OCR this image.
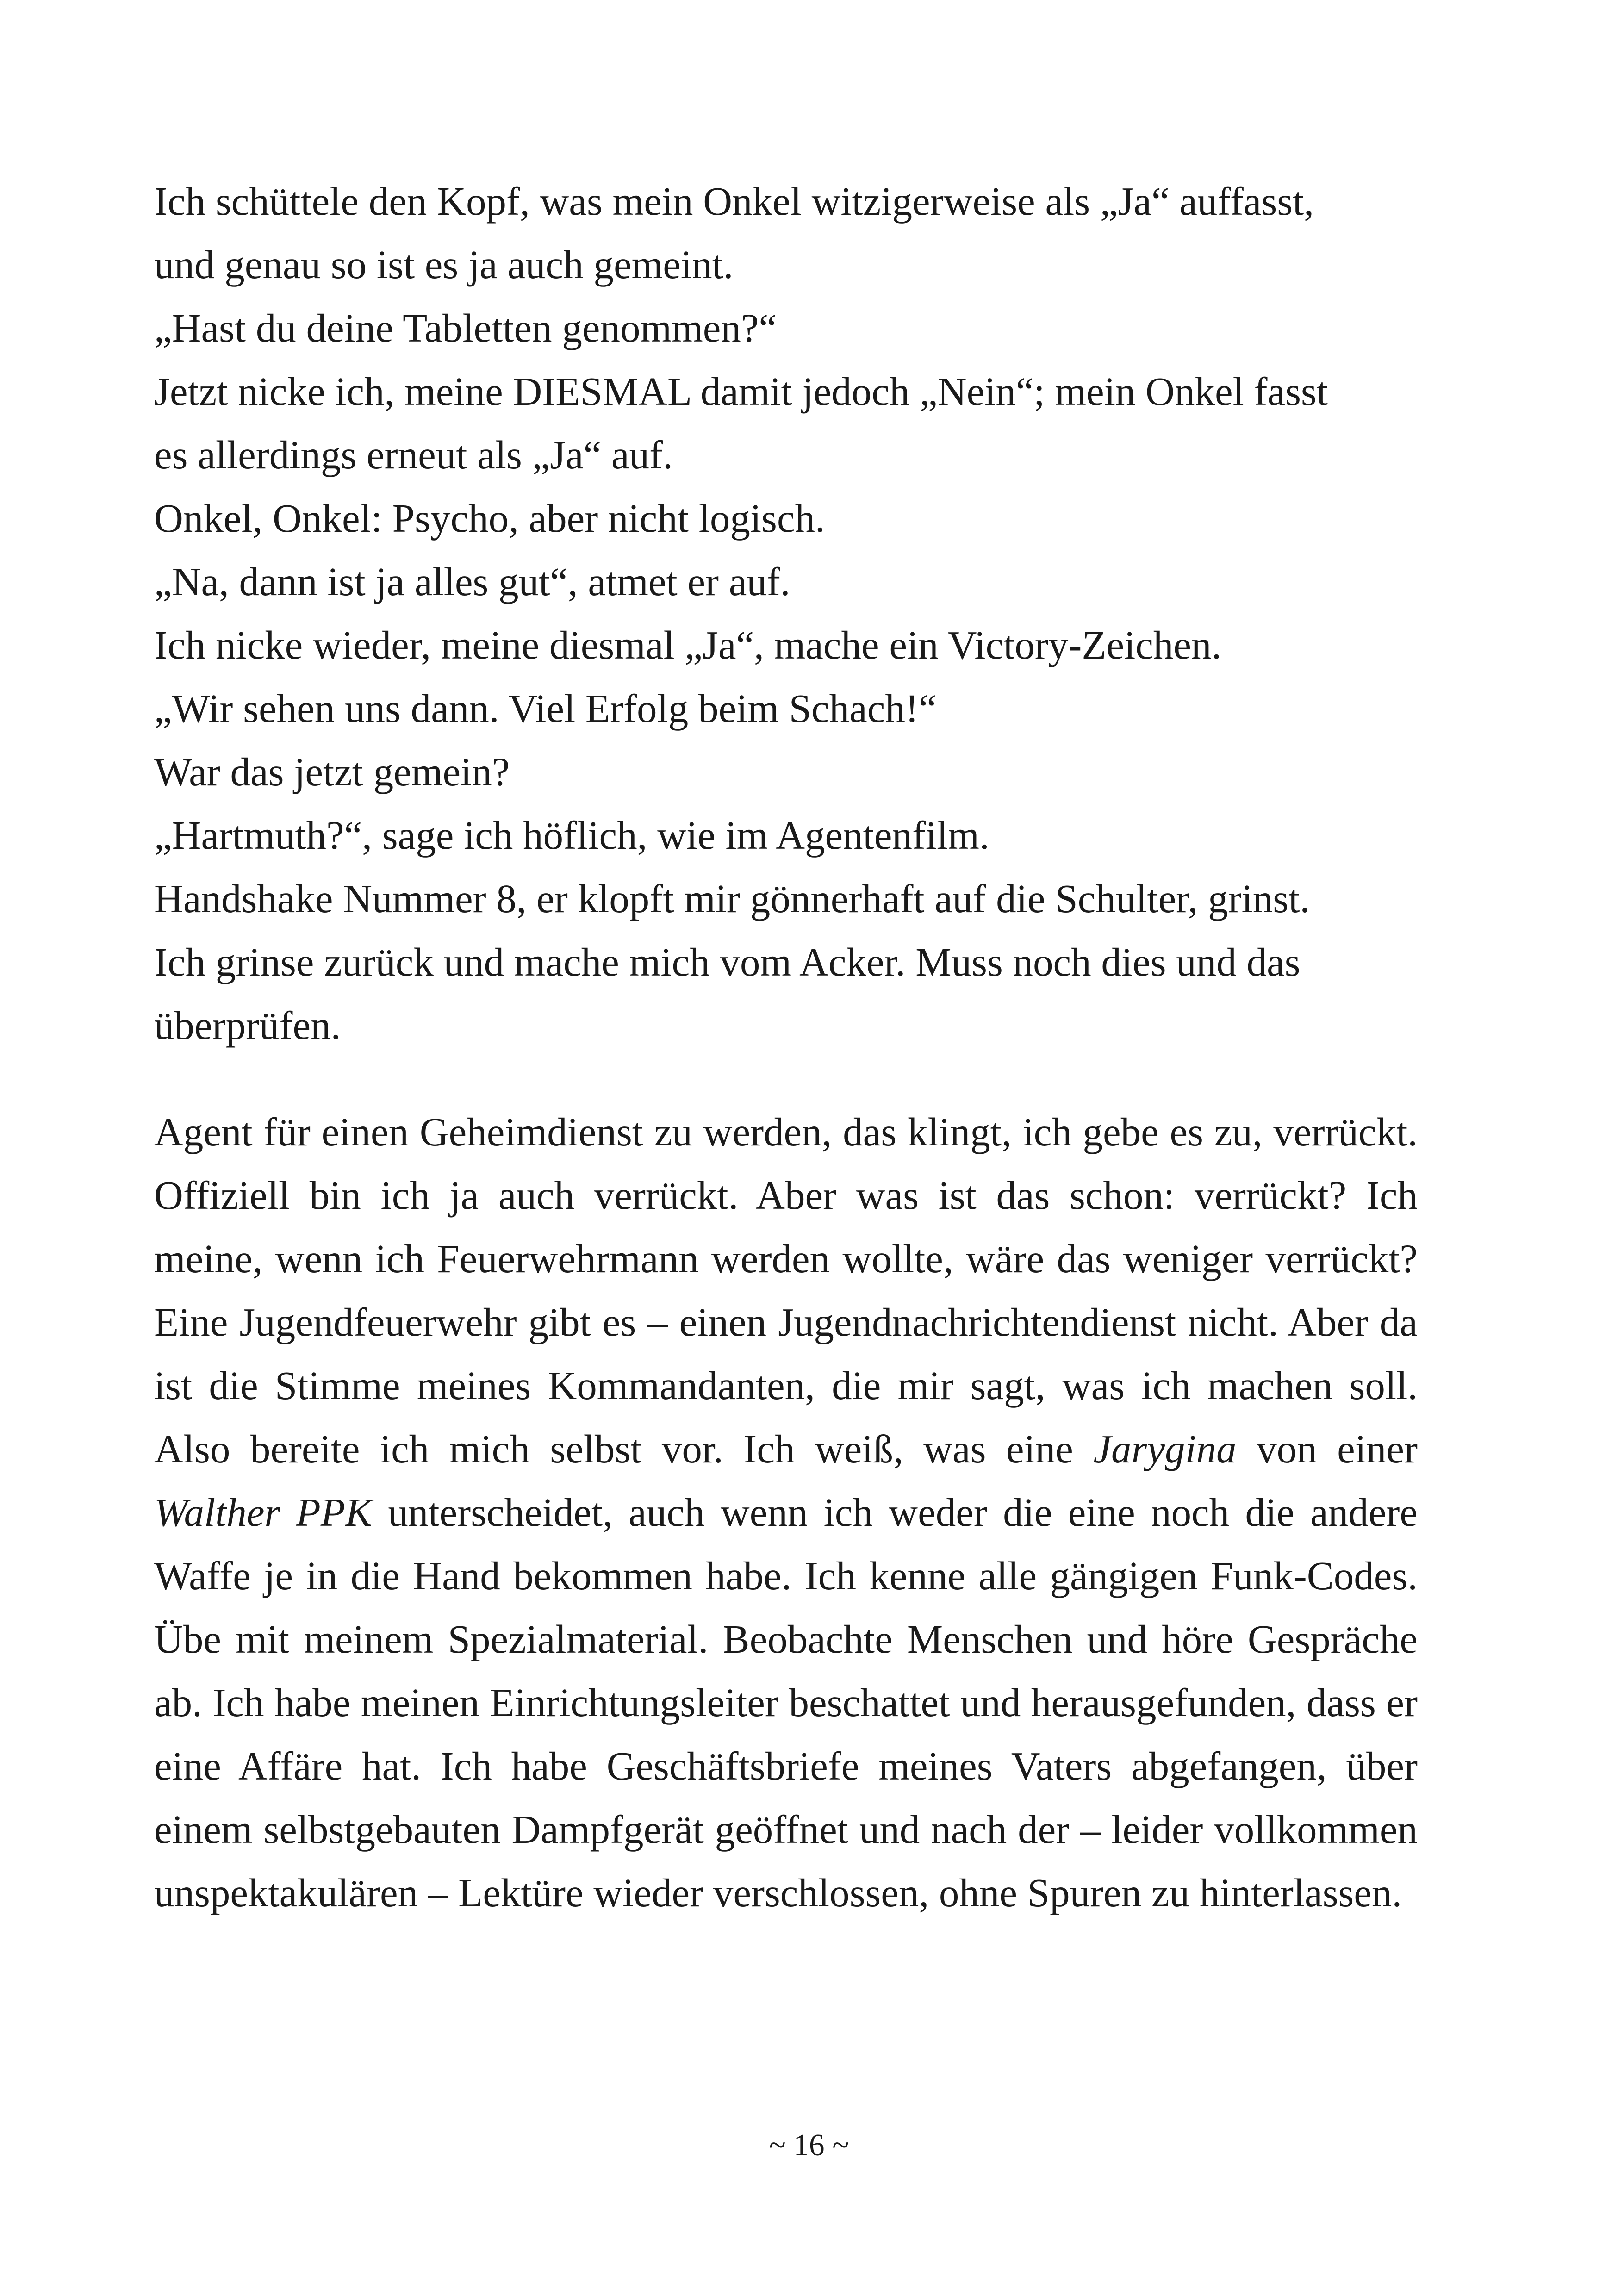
Ich schüttele den Kopf, was mein Onkel witzigerweise als „Ja“ auffasst,
und genau so ist es ja auch gemeint.
„Hast du deine Tabletten genommen?“
Jetzt nicke ich, meine DIESMAL damit jedoch „Nein“; mein Onkel fasst
es allerdings erneut als „Ja“ auf.
Onkel, Onkel: Psycho, aber nicht logisch.
„Na, dann ist ja alles gut“, atmet er auf.
Ich nicke wieder, meine diesmal „Ja“, mache ein Victory-Zeichen.
„Wir sehen uns dann. Viel Erfolg beim Schach!“
War das jetzt gemein?
„Hartmuth?“, sage ich höflich, wie im Agentenfilm.
Handshake Nummer 8, er klopft mir gönnerhaft auf die Schulter, grinst.
Ich grinse zurück und mache mich vom Acker. Muss noch dies und das
überprüfen.

Agent für einen Geheimdienst zu werden, das klingt, ich gebe es zu, verrückt. Offiziell bin ich ja auch verrückt. Aber was ist das schon: verrückt? Ich meine, wenn ich Feuerwehrmann werden wollte, wäre das weniger verrückt? Eine Jugendfeuerwehr gibt es – einen Jugendnachrichtendienst nicht. Aber da ist die Stimme meines Kommandanten, die mir sagt, was ich machen soll. Also bereite ich mich selbst vor. Ich weiß, was eine Jarygina von einer Walther PPK unterscheidet, auch wenn ich weder die eine noch die andere Waffe je in die Hand bekommen habe. Ich kenne alle gängigen Funk-Codes. Übe mit meinem Spezialmaterial. Beobachte Menschen und höre Gespräche ab. Ich habe meinen Einrichtungsleiter beschattet und herausgefunden, dass er eine Affäre hat. Ich habe Geschäftsbriefe meines Vaters abgefangen, über einem selbstgebauten Dampfgerät geöffnet und nach der – leider vollkommen unspektakulären – Lektüre wieder verschlossen, ohne Spuren zu hinterlassen.

~ 16 ~
